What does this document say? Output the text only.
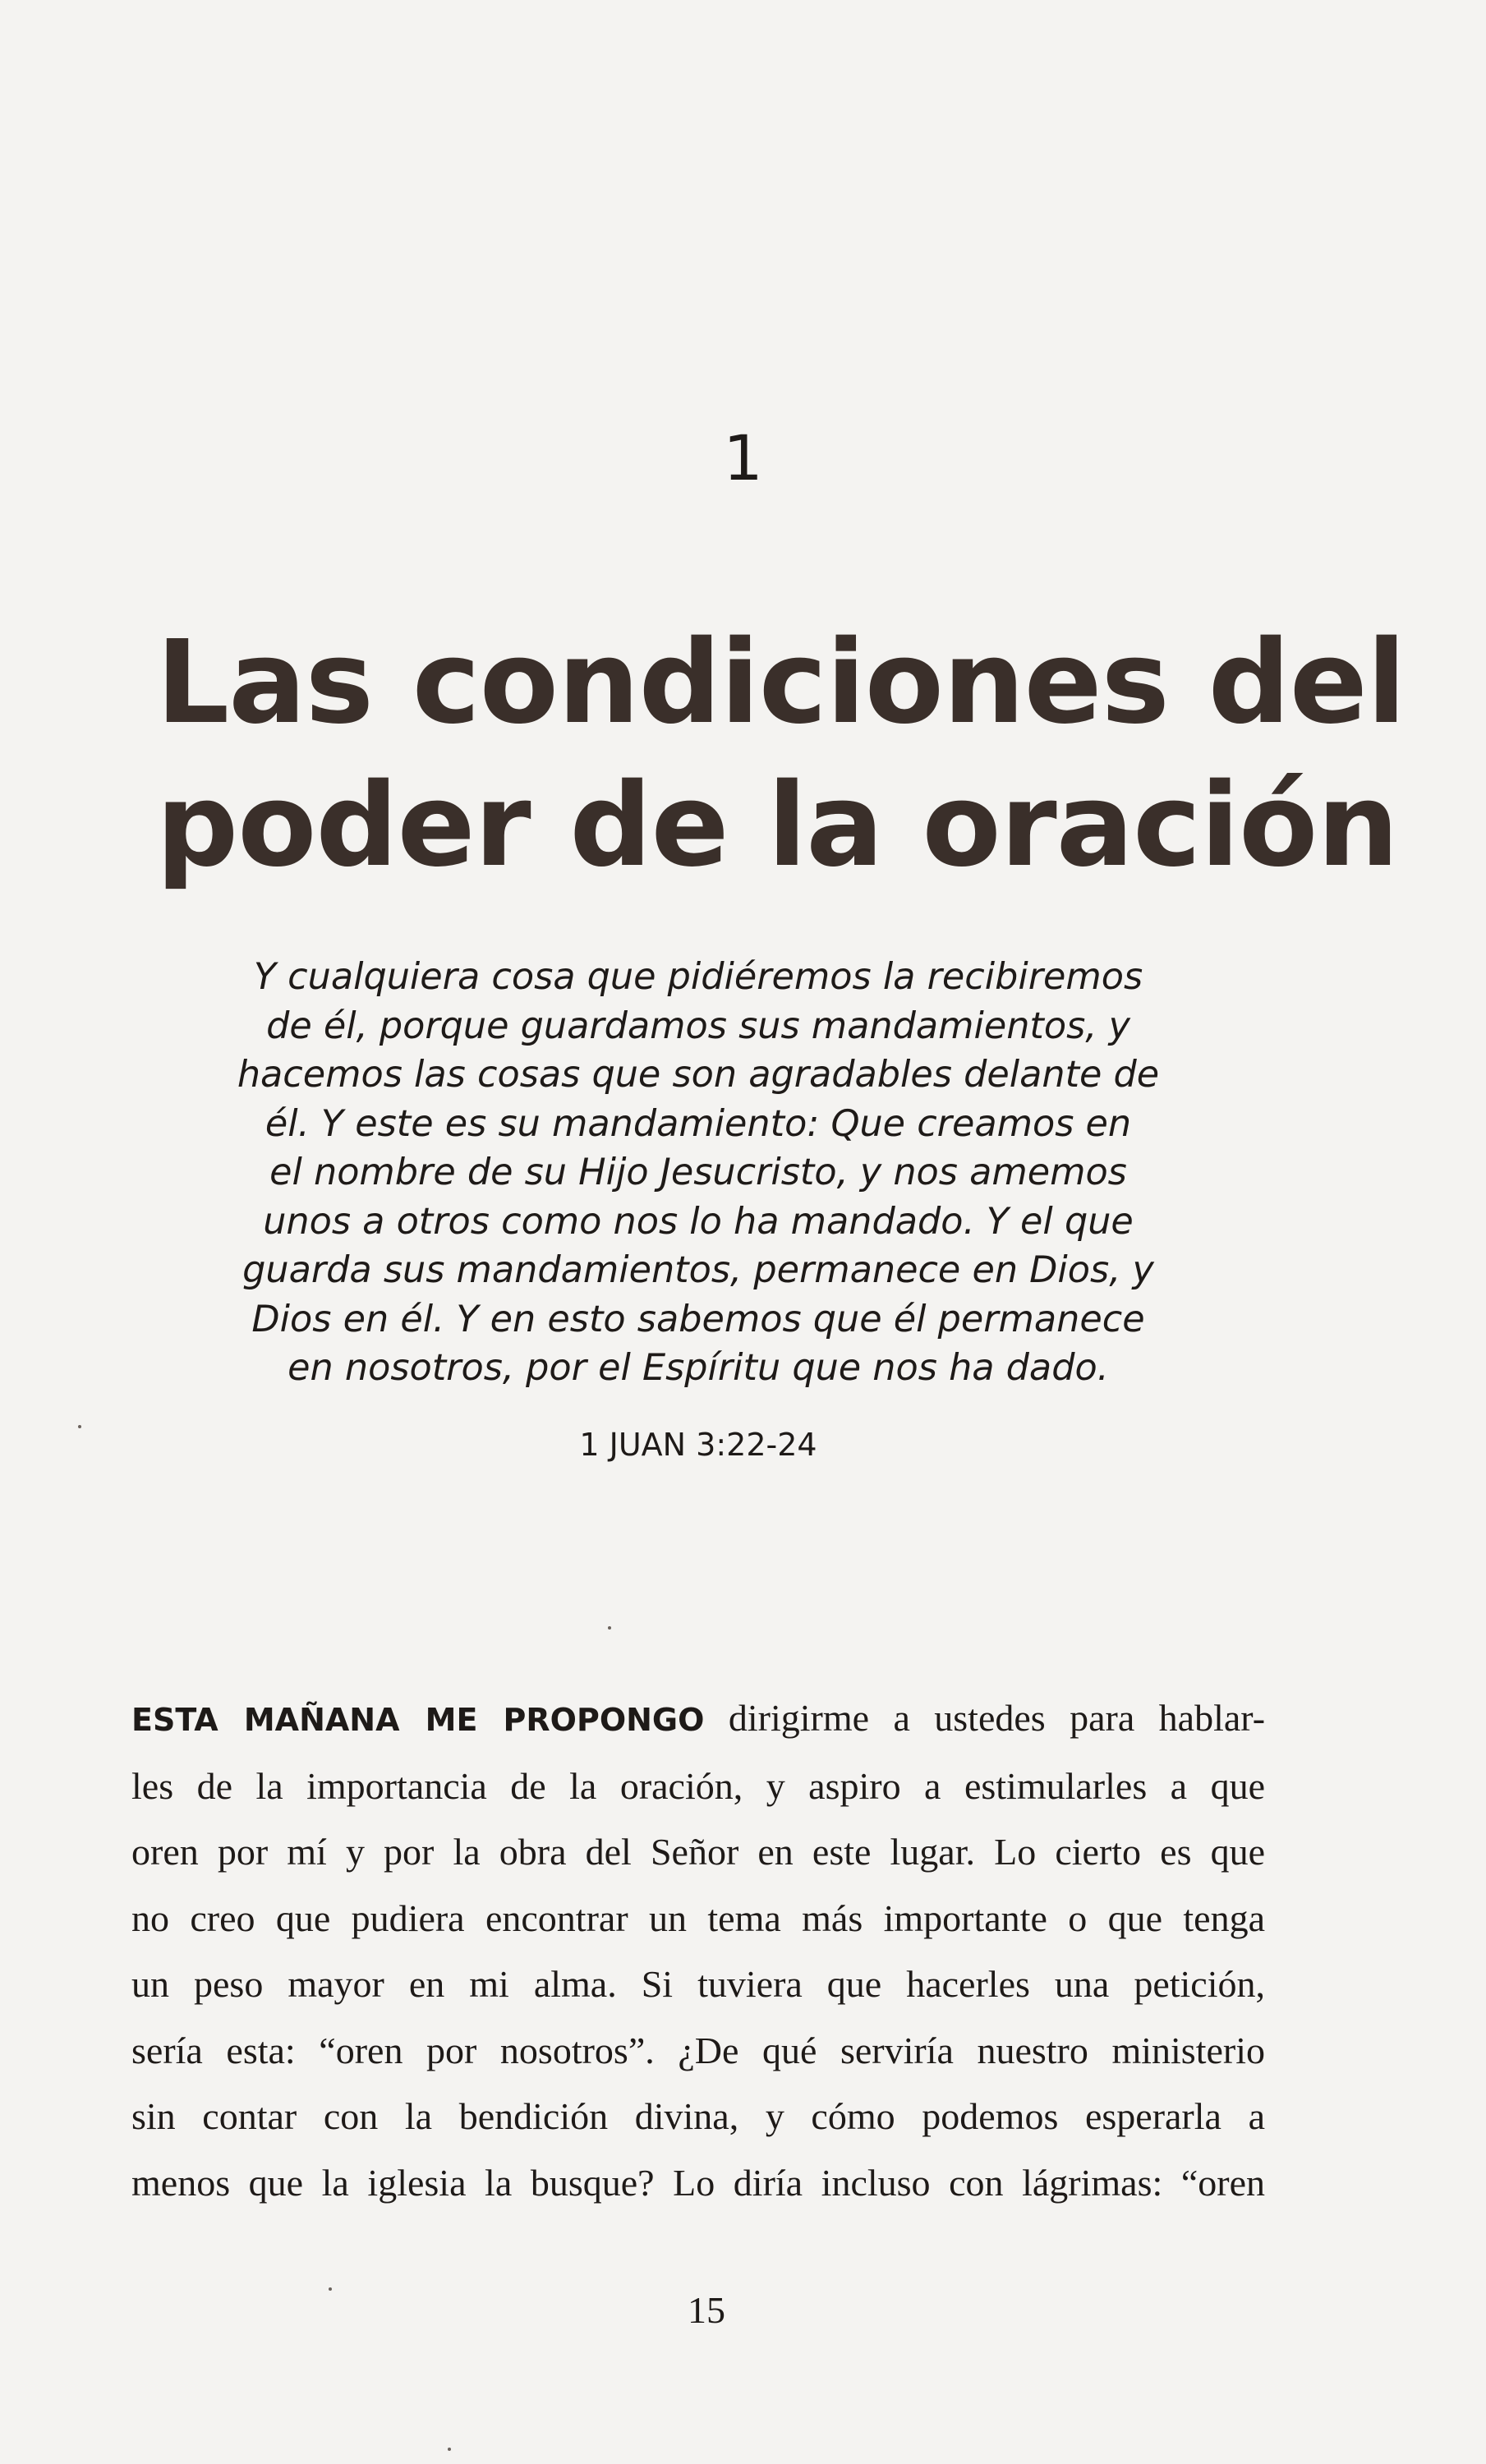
1
Las condiciones del
poder de la oración
Y cualquiera cosa que pidiéremos la recibiremos
de él, porque guardamos sus mandamientos, y
hacemos las cosas que son agradables delante de
él. Y este es su mandamiento: Que creamos en
el nombre de su Hijo Jesucristo, y nos amemos
unos a otros como nos lo ha mandado. Y el que
guarda sus mandamientos, permanece en Dios, y
Dios en él. Y en esto sabemos que él permanece
en nosotros, por el Espíritu que nos ha dado.
1 JUAN 3:22-24
ESTA MAÑANA ME PROPONGO dirigirme a ustedes para hablar-
les de la importancia de la oración, y aspiro a estimularles a que
oren por mí y por la obra del Señor en este lugar. Lo cierto es que
no creo que pudiera encontrar un tema más importante o que tenga
un peso mayor en mi alma. Si tuviera que hacerles una petición,
sería esta: “oren por nosotros”. ¿De qué serviría nuestro ministerio
sin contar con la bendición divina, y cómo podemos esperarla a
menos que la iglesia la busque? Lo diría incluso con lágrimas: “oren
15
